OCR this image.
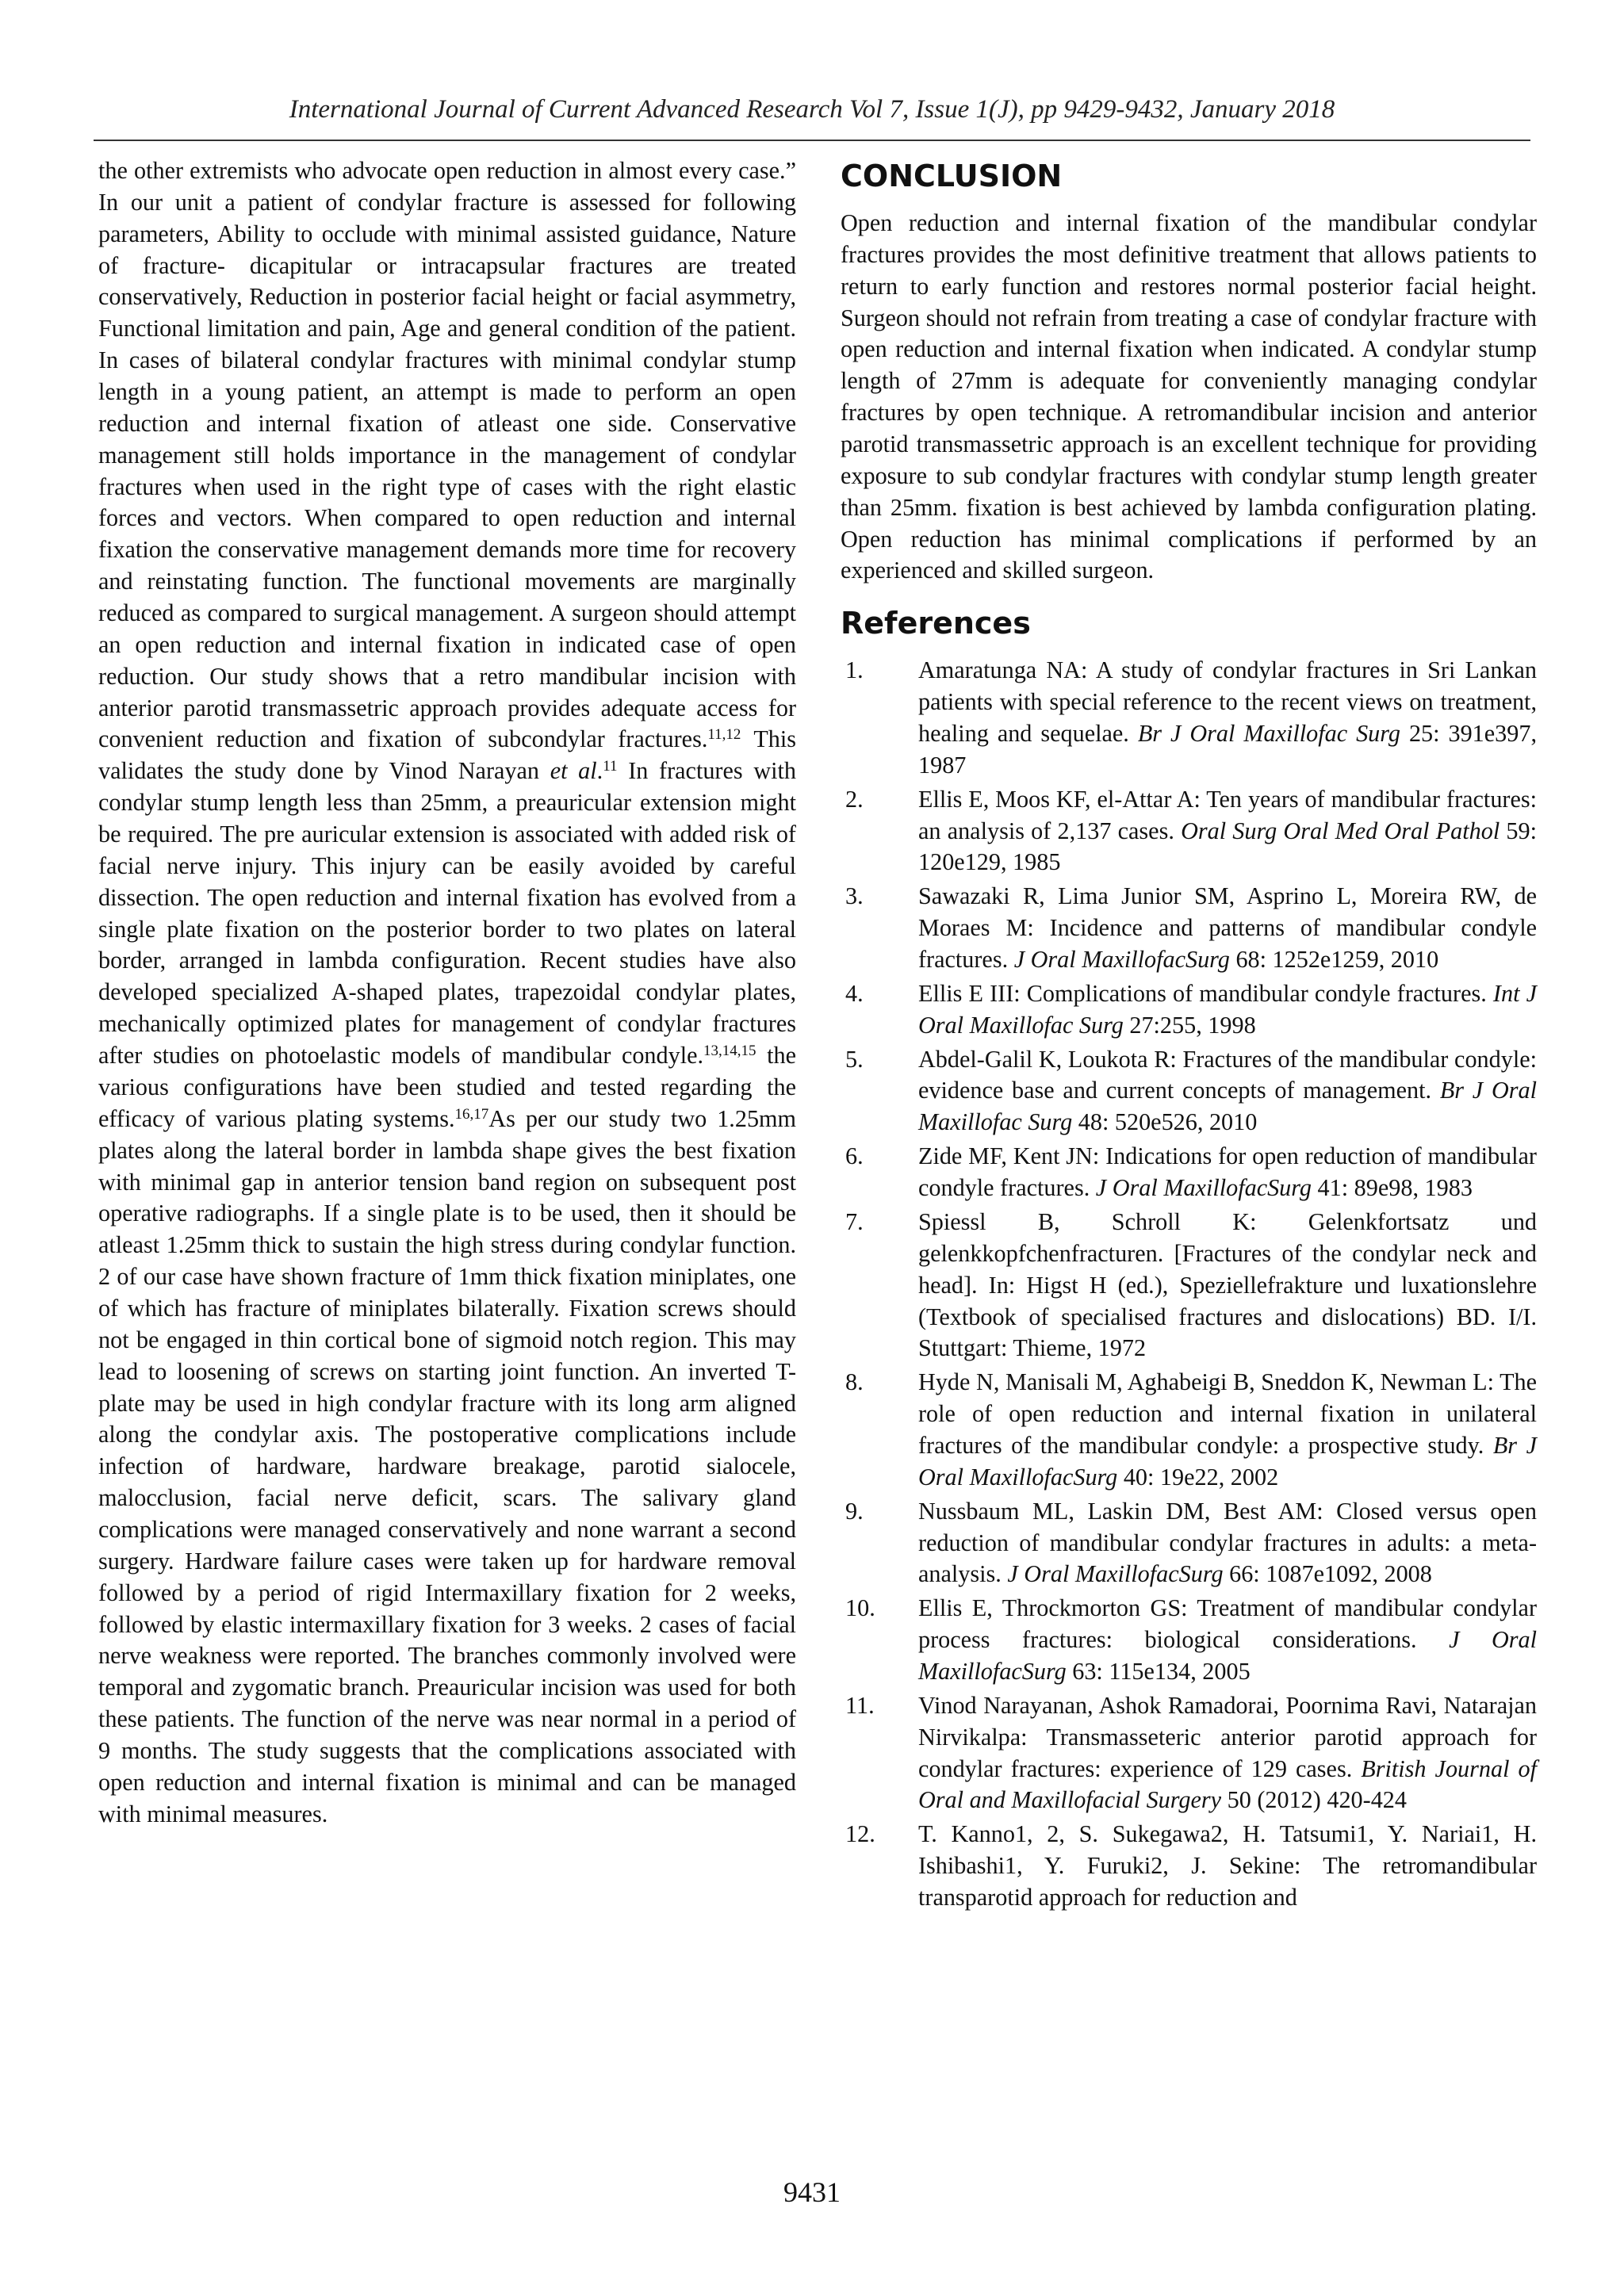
International Journal of Current Advanced Research Vol 7, Issue 1(J), pp 9429-9432, January 2018

the other extremists who advocate open reduction in almost every case.” In our unit a patient of condylar fracture is assessed for following parameters, Ability to occlude with minimal assisted guidance, Nature of fracture- dicapitular or intracapsular fractures are treated conservatively, Reduction in posterior facial height or facial asymmetry, Functional limitation and pain, Age and general condition of the patient. In cases of bilateral condylar fractures with minimal condylar stump length in a young patient, an attempt is made to perform an open reduction and internal fixation of atleast one side. Conservative management still holds importance in the management of condylar fractures when used in the right type of cases with the right elastic forces and vectors. When compared to open reduction and internal fixation the conservative management demands more time for recovery and reinstating function. The functional movements are marginally reduced as compared to surgical management. A surgeon should attempt an open reduction and internal fixation in indicated case of open reduction. Our study shows that a retro mandibular incision with anterior parotid transmassetric approach provides adequate access for convenient reduction and fixation of subcondylar fractures.$^{11,12}$ This validates the study done by Vinod Narayan et al.$^{11}$ In fractures with condylar stump length less than 25mm, a preauricular extension might be required. The pre auricular extension is associated with added risk of facial nerve injury. This injury can be easily avoided by careful dissection. The open reduction and internal fixation has evolved from a single plate fixation on the posterior border to two plates on lateral border, arranged in lambda configuration. Recent studies have also developed specialized A-shaped plates, trapezoidal condylar plates, mechanically optimized plates for management of condylar fractures after studies on photoelastic models of mandibular condyle.$^{13,14,15}$ the various configurations have been studied and tested regarding the efficacy of various plating systems.$^{16,17}$As per our study two 1.25mm plates along the lateral border in lambda shape gives the best fixation with minimal gap in anterior tension band region on subsequent post operative radiographs. If a single plate is to be used, then it should be atleast 1.25mm thick to sustain the high stress during condylar function. 2 of our case have shown fracture of 1mm thick fixation miniplates, one of which has fracture of miniplates bilaterally. Fixation screws should not be engaged in thin cortical bone of sigmoid notch region. This may lead to loosening of screws on starting joint function. An inverted T-plate may be used in high condylar fracture with its long arm aligned along the condylar axis. The postoperative complications include infection of hardware, hardware breakage, parotid sialocele, malocclusion, facial nerve deficit, scars. The salivary gland complications were managed conservatively and none warrant a second surgery. Hardware failure cases were taken up for hardware removal followed by a period of rigid Intermaxillary fixation for 2 weeks, followed by elastic intermaxillary fixation for 3 weeks. 2 cases of facial nerve weakness were reported. The branches commonly involved were temporal and zygomatic branch. Preauricular incision was used for both these patients. The function of the nerve was near normal in a period of 9 months. The study suggests that the complications associated with open reduction and internal fixation is minimal and can be managed with minimal measures.

CONCLUSION

Open reduction and internal fixation of the mandibular condylar fractures provides the most definitive treatment that allows patients to return to early function and restores normal posterior facial height. Surgeon should not refrain from treating a case of condylar fracture with open reduction and internal fixation when indicated. A condylar stump length of 27mm is adequate for conveniently managing condylar fractures by open technique. A retromandibular incision and anterior parotid transmassetric approach is an excellent technique for providing exposure to sub condylar fractures with condylar stump length greater than 25mm. fixation is best achieved by lambda configuration plating. Open reduction has minimal complications if performed by an experienced and skilled surgeon.

References
1.	Amaratunga NA: A study of condylar fractures in Sri Lankan patients with special reference to the recent views on treatment, healing and sequelae. Br J Oral Maxillofac Surg 25: 391e397, 1987
2.	Ellis E, Moos KF, el-Attar A: Ten years of mandibular fractures: an analysis of 2,137 cases. Oral Surg Oral Med Oral Pathol 59: 120e129, 1985
3.	Sawazaki R, Lima Junior SM, Asprino L, Moreira RW, de Moraes M: Incidence and patterns of mandibular condyle fractures. J Oral MaxillofacSurg 68: 1252e1259, 2010
4.	Ellis E III: Complications of mandibular condyle fractures. Int J Oral Maxillofac Surg 27:255, 1998
5.	Abdel-Galil K, Loukota R: Fractures of the mandibular condyle: evidence base and current concepts of management. Br J Oral Maxillofac Surg 48: 520e526, 2010
6.	Zide MF, Kent JN: Indications for open reduction of mandibular condyle fractures. J Oral MaxillofacSurg 41: 89e98, 1983
7.	Spiessl B, Schroll K: Gelenkfortsatz und gelenkkopfchenfracturen. [Fractures of the condylar neck and head]. In: Higst H (ed.), Speziellefrakture und luxationslehre (Textbook of specialised fractures and dislocations) BD. I/I. Stuttgart: Thieme, 1972
8.	Hyde N, Manisali M, Aghabeigi B, Sneddon K, Newman L: The role of open reduction and internal fixation in unilateral fractures of the mandibular condyle: a prospective study. Br J Oral MaxillofacSurg 40: 19e22, 2002
9.	Nussbaum ML, Laskin DM, Best AM: Closed versus open reduction of mandibular condylar fractures in adults: a meta-analysis. J Oral MaxillofacSurg 66: 1087e1092, 2008
10.	Ellis E, Throckmorton GS: Treatment of mandibular condylar process fractures: biological considerations. J Oral MaxillofacSurg 63: 115e134, 2005
11.	Vinod Narayanan, Ashok Ramadorai, Poornima Ravi, Natarajan Nirvikalpa: Transmasseteric anterior parotid approach for condylar fractures: experience of 129 cases. British Journal of Oral and Maxillofacial Surgery 50 (2012) 420-424
12.	T. Kanno1, 2, S. Sukegawa2, H. Tatsumi1, Y. Nariai1, H. Ishibashi1, Y. Furuki2, J. Sekine: The retromandibular transparotid approach for reduction and
9431
